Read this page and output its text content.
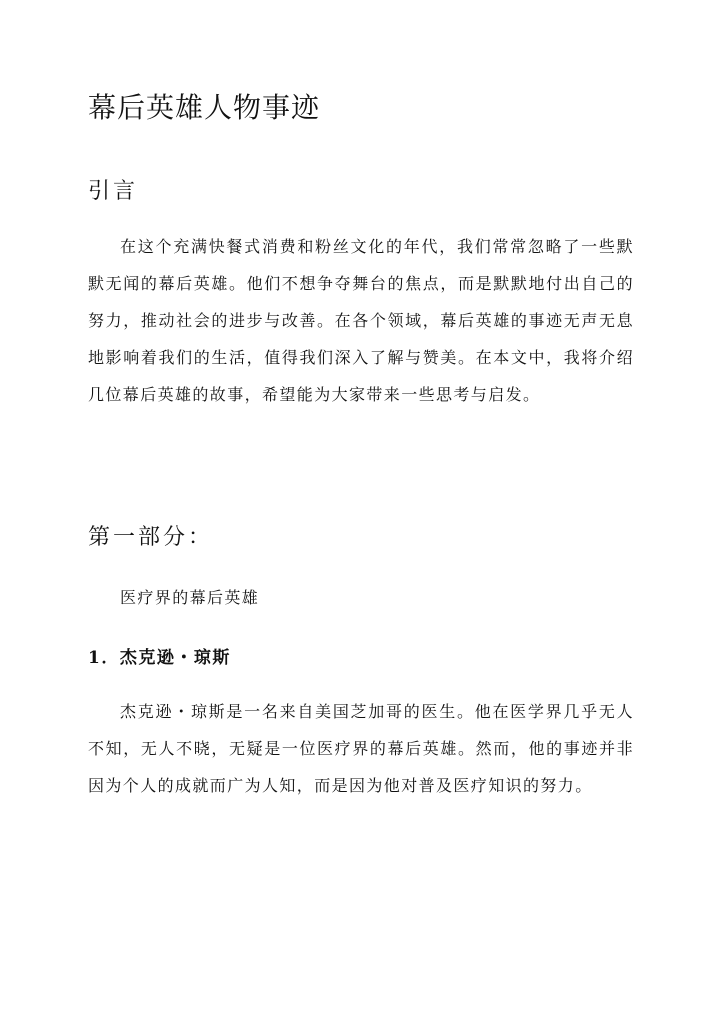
幕后英雄人物事迹
引言

在这个充满快餐式消费和粉丝文化的年代，我们常常忽略了一些默默无闻的幕后英雄。他们不想争夺舞台的焦点，而是默默地付出自己的努力，推动社会的进步与改善。在各个领域，幕后英雄的事迹无声无息地影响着我们的生活，值得我们深入了解与赞美。在本文中，我将介绍几位幕后英雄的故事，希望能为大家带来一些思考与启发。

第一部分：

医疗界的幕后英雄

1．杰克逊・琼斯

杰克逊・琼斯是一名来自美国芝加哥的医生。他在医学界几乎无人不知，无人不晓，无疑是一位医疗界的幕后英雄。然而，他的事迹并非因为个人的成就而广为人知，而是因为他对普及医疗知识的努力。
